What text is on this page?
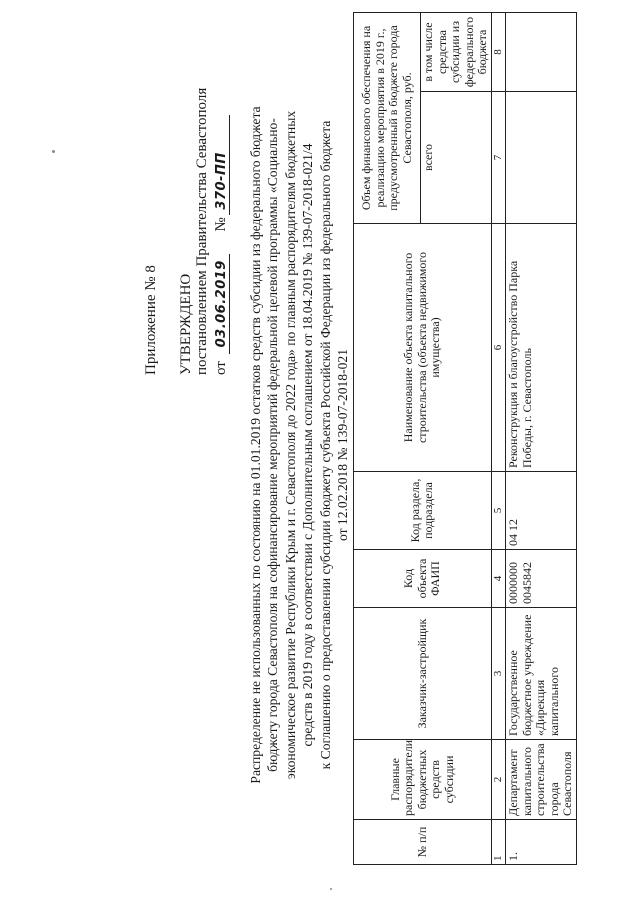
Приложение № 8 УТВЕРЖДЕНО постановлением Правительства Севастополя от 03.06.2019 № 370-ПП Распределение не использованных по состоянию на 01.01.2019 остатков средств субсидии из федерального бюджета бюджету города Севастополя на софинансирование мероприятий федеральной целевой программы «Социально- экономическое развитие Республики Крым и г. Севастополя до 2022 года» по главным распорядителям бюджетных средств в 2019 году в соответствии с Дополнительным соглашением от 18.04.2019 № 139-07-2018-021/4 к Соглашению о предоставлении субсидии бюджету субъекта Российской Федерации из федерального бюджета от 12.02.2018 № 139-07-2018-021
№ п/п	Главные распорядители бюджетных средств субсидии	Заказчик-застройщик	Код объекта ФАИП	Код раздела, подраздела	Наименование объекта капитального строительства (объекта недвижимого имущества)	Объем финансового обеспечения на реализацию мероприятия в 2019 г., предусмотренный в бюджете города Севастополя, руб.	
						всего	в том числе средства субсидии из федерального бюджета
1	2	3	4	5	6	7	8
1.	Департамент капитального строительства города Севастополя	Государственное бюджетное учреждение «Дирекция капитального	0000000 0045842	04 12	Реконструкция и благоустройство Парка Победы, г. Севастополь		
